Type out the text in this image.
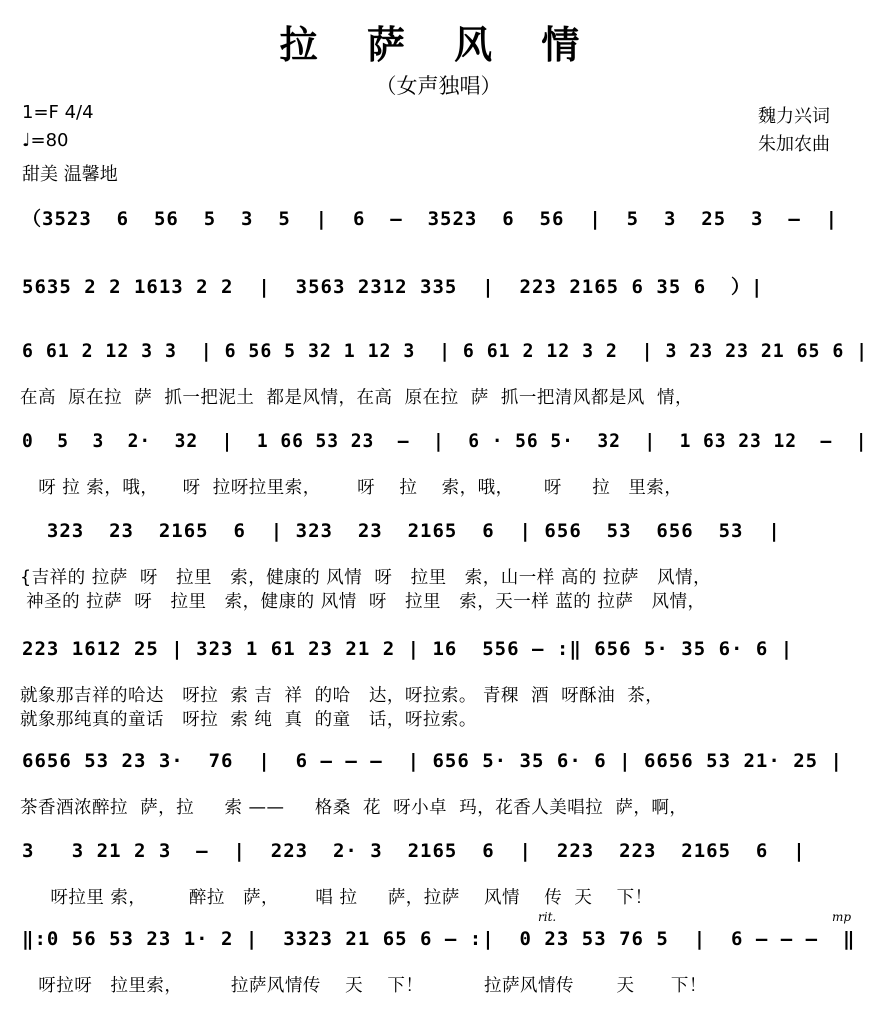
拉 萨 风 情
（女声独唱）
1=F 4/4
♩=80
甜美 温馨地
魏力兴词
朱加农曲
（3523  6  56  5  3  5  |  6  –  3523  6  56  |  5  3  25  3  –  |
5635 2 2 1613 2 2  |  3563 2312 335  |  223 2165 6 35 6  ）|
6 61 2 12 3 3  | 6 56 5 32 1 12 3  | 6 61 2 12 3 2  | 3 23 23 21 65 6 |
在高  原在拉  萨  抓一把泥土  都是风情，在高  原在拉  萨  抓一把清风都是风  情，
0  5  3  2·  32  |  1 66 53 23  –  |  6 · 56 5·  32  |  1 63 23 12  –  |
呀 拉 索，哦，    呀  拉呀拉里索，      呀    拉    索，哦，     呀     拉   里索，
323  23  2165  6  | 323  23  2165  6  | 656  53  656  53  |
{吉祥的 拉萨  呀   拉里   索，健康的 风情  呀   拉里   索，山一样 高的 拉萨   风情，
神圣的 拉萨  呀   拉里   索，健康的 风情  呀   拉里   索，天一样 蓝的 拉萨   风情，
223 1612 25 | 323 1 61 23 21 2 | 16  556 – :‖ 656 5· 35 6· 6 |
就象那吉祥的哈达   呀拉  索 吉  祥  的哈   达，呀拉索。 青稞  酒  呀酥油  茶，
就象那纯真的童话   呀拉  索 纯  真  的童   话，呀拉索。
6656 53 23 3·  76  |  6 – – –  | 656 5· 35 6· 6 | 6656 53 21· 25 |
茶香酒浓醉拉  萨，拉     索 ——     格桑  花  呀小卓  玛，花香人美唱拉  萨，啊，
3   3 21 2 3  –  |  223  2· 3  2165  6  |  223  223  2165  6  |
呀拉里 索，       醉拉   萨，      唱 拉     萨，拉萨    风情    传  天    下！
rit.	mp
‖:0 56 53 23 1· 2 |  3323 21 65 6 – :|  0 23 53 76 5  |  6 – – –  ‖
呀拉呀   拉里索，        拉萨风情传    天    下！          拉萨风情传       天      下！
